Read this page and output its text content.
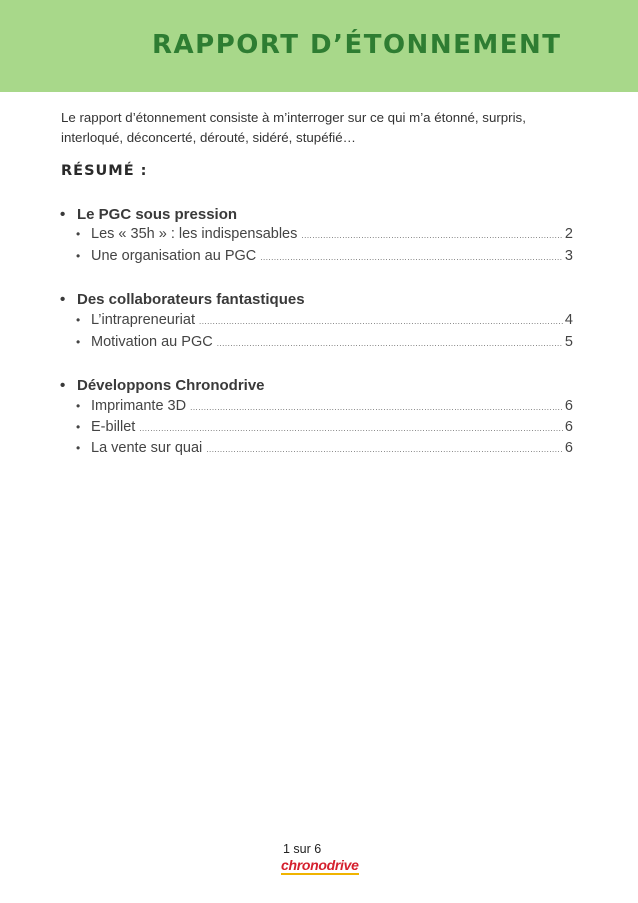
RAPPORT D’ÉTONNEMENT
Le rapport d’étonnement consiste à m’interroger sur ce qui m’a étonné, surpris, interloqué, déconcerté, dérouté, sidéré, stupéfié…
RÉSUMÉ :
• Le PGC sous pression
• Les « 35h » : les indispensables .....	2
• Une organisation au PGC .....	3
• Des collaborateurs fantastiques
• L’intrapreneuriat .....	4
• Motivation au PGC .....	5
• Développons Chronodrive
• Imprimante 3D .....	6
• E-billet .....	6
• La vente sur quai .....	6
1 sur 6
chronodrive
